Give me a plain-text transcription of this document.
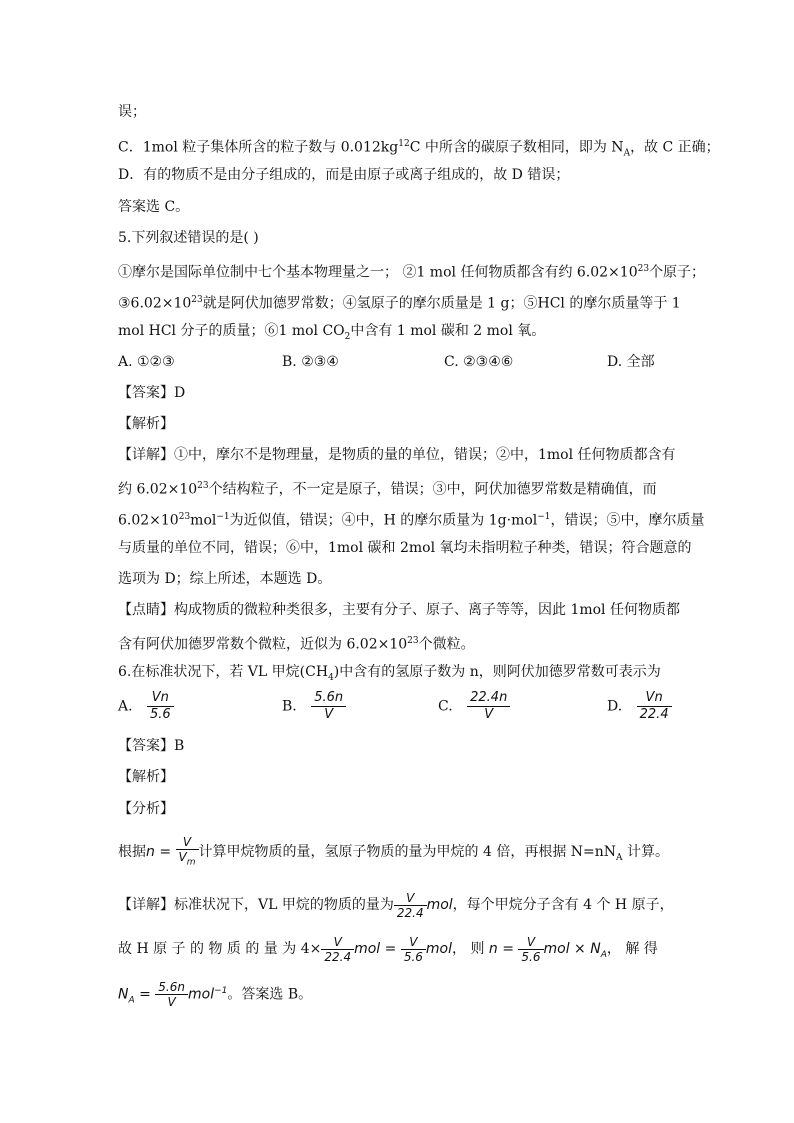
误；
C．1mol 粒子集体所含的粒子数与 $0.012kg^{12}C$ 中所含的碳原子数相同，即为 $N_A$，故 C 正确；
D．有的物质不是由分子组成的，而是由原子或离子组成的，故 D 错误；
答案选 C。
5.下列叙述错误的是( )
①摩尔是国际单位制中七个基本物理量之一； ②1 mol 任何物质都含有约 $6.02\times 10^{23}$个原子；
$③6.02\times 10^{23}$就是阿伏加德罗常数；④氢原子的摩尔质量是 1 g；⑤HCl 的摩尔质量等于 1
mol HCl 分子的质量；⑥1 mol $CO_2$中含有 1 mol 碳和 2 mol 氧。
A. ①②③	B. ②③④	C. ②③④⑥	D. 全部
【答案】D
【解析】
【详解】①中，摩尔不是物理量，是物质的量的单位，错误；②中，1mol 任何物质都含有
约 $6.02\times 10^{23}$个结构粒子，不一定是原子，错误；③中，阿伏加德罗常数是精确值，而
$6.02\times 10^{23}mol^{-1}$为近似值，错误；④中，H 的摩尔质量为 1g·mol$^{-1}$，错误；⑤中，摩尔质量
与质量的单位不同，错误；⑥中，1mol 碳和 2mol 氧均未指明粒子种类，错误；符合题意的
选项为 D；综上所述，本题选 D。
【点睛】构成物质的微粒种类很多，主要有分子、原子、离子等等，因此 1mol 任何物质都
含有阿伏加德罗常数个微粒，近似为 $6.02\times 10^{23}$个微粒。
6.在标准状况下，若 VL 甲烷$(CH_4)$中含有的氢原子数为 n，则阿伏加德罗常数可表示为
A. $\frac{Vn}{5.6}$	B. $\frac{5.6n}{V}$	C. $\frac{22.4n}{V}$	D. $\frac{Vn}{22.4}$
【答案】B
【解析】
【分析】
根据$n = \frac{V}{V_m}$ 计算甲烷物质的量，氢原子物质的量为甲烷的 4 倍，再根据 $N=nN_A$ 计算。
【详解】标准状况下，VL 甲烷的物质的量为 $\frac{V}{22.4}$ mol，每个甲烷分子含有 4 个 H 原子，
故 H 原 子 的 物 质 的 量 为 $4\times \frac{V}{22.4}$ mol = $\frac{V}{5.6}$ mol， 则 $n = \frac{V}{5.6}$ mol × $N_A$， 解 得
$N_A = \frac{5.6n}{V} mol^{-1}$。答案选 B。
